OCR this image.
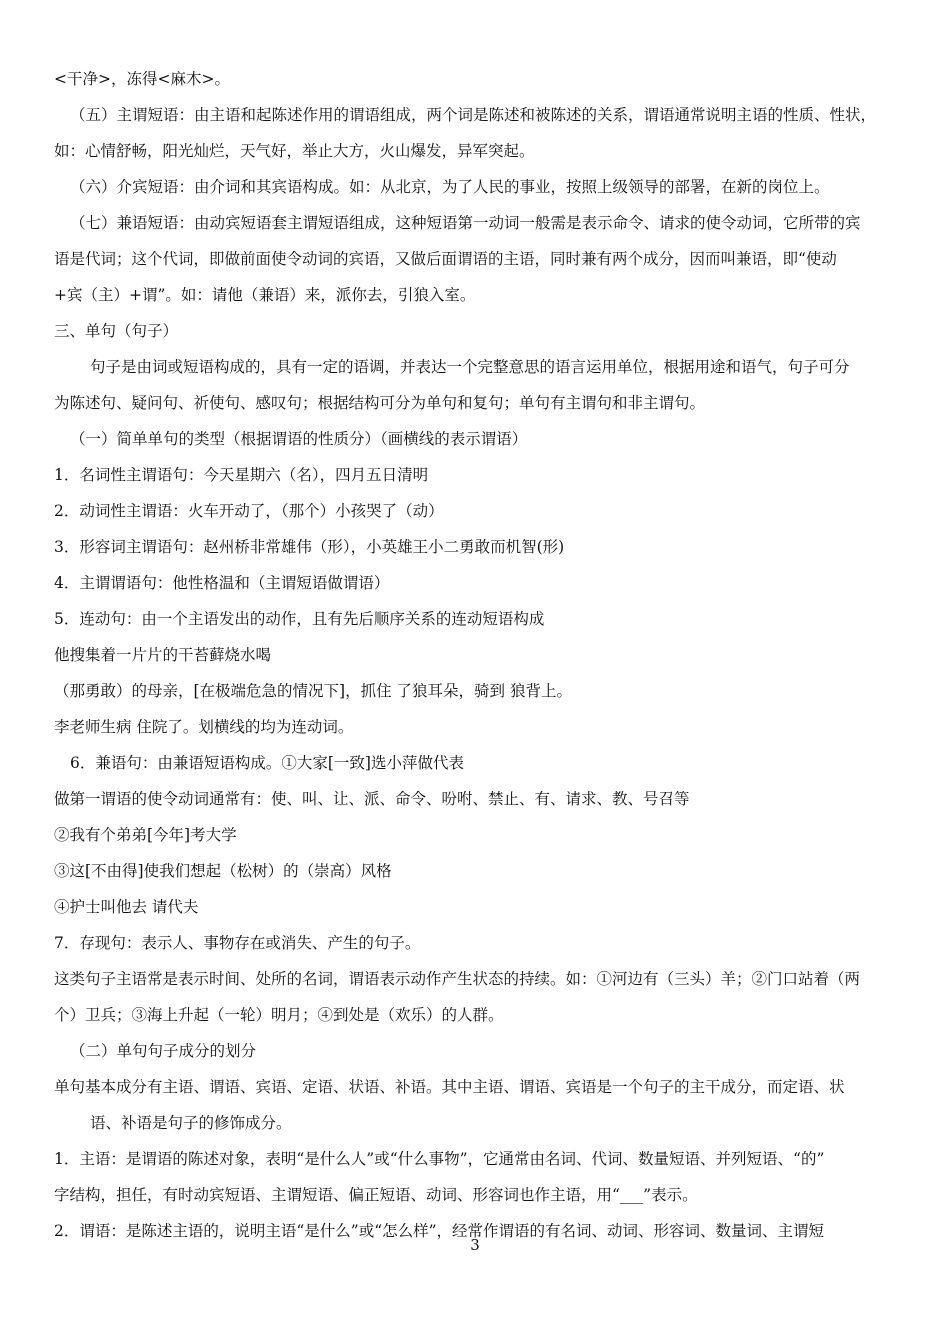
<干净>，冻得<麻木>。
（五）主谓短语：由主语和起陈述作用的谓语组成，两个词是陈述和被陈述的关系，谓语通常说明主语的性质、性状，
如：心情舒畅，阳光灿烂，天气好，举止大方，火山爆发，异军突起。
（六）介宾短语：由介词和其宾语构成。如：从北京，为了人民的事业，按照上级领导的部署，在新的岗位上。
（七）兼语短语：由动宾短语套主谓短语组成，这种短语第一动词一般需是表示命令、请求的使令动词，它所带的宾
语是代词；这个代词，即做前面使令动词的宾语，又做后面谓语的主语，同时兼有两个成分，因而叫兼语，即“使动
+宾（主）+谓”。如：请他（兼语）来，派你去，引狼入室。
三、单句（句子）
句子是由词或短语构成的，具有一定的语调，并表达一个完整意思的语言运用单位，根据用途和语气，句子可分
为陈述句、疑问句、祈使句、感叹句；根据结构可分为单句和复句；单句有主谓句和非主谓句。
（一）简单单句的类型（根据谓语的性质分）（画横线的表示谓语）
1．名词性主谓语句：今天星期六（名），四月五日清明
2．动词性主谓语：火车开动了，（那个）小孩哭了（动）
3．形容词主谓语句：赵州桥非常雄伟（形），小英雄王小二勇敢而机智(形)
4．主谓谓语句：他性格温和（主谓短语做谓语）
5．连动句：由一个主语发出的动作，且有先后顺序关系的连动短语构成
他搜集着一片片的干苔藓烧水喝
（那勇敢）的母亲，[在极端危急的情况下]，抓住 了狼耳朵，骑到 狼背上。
李老师生病 住院了。划横线的均为连动词。
6．兼语句：由兼语短语构成。①大家[一致]选小萍做代表
做第一谓语的使令动词通常有：使、叫、让、派、命令、吩咐、禁止、有、请求、教、号召等
②我有个弟弟[今年]考大学
③这[不由得]使我们想起（松树）的（崇高）风格
④护士叫他去 请代夫
7．存现句：表示人、事物存在或消失、产生的句子。
这类句子主语常是表示时间、处所的名词，谓语表示动作产生状态的持续。如：①河边有（三头）羊；②门口站着（两
个）卫兵；③海上升起（一轮）明月；④到处是（欢乐）的人群。
（二）单句句子成分的划分
单句基本成分有主语、谓语、宾语、定语、状语、补语。其中主语、谓语、宾语是一个句子的主干成分，而定语、状
语、补语是句子的修饰成分。
1．主语：是谓语的陈述对象，表明“是什么人”或“什么事物”，它通常由名词、代词、数量短语、并列短语、“的”
字结构，担任，有时动宾短语、主谓短语、偏正短语、动词、形容词也作主语，用“___”表示。
2．谓语：是陈述主语的，说明主语“是什么”或“怎么样”，经常作谓语的有名词、动词、形容词、数量词、主谓短
3
